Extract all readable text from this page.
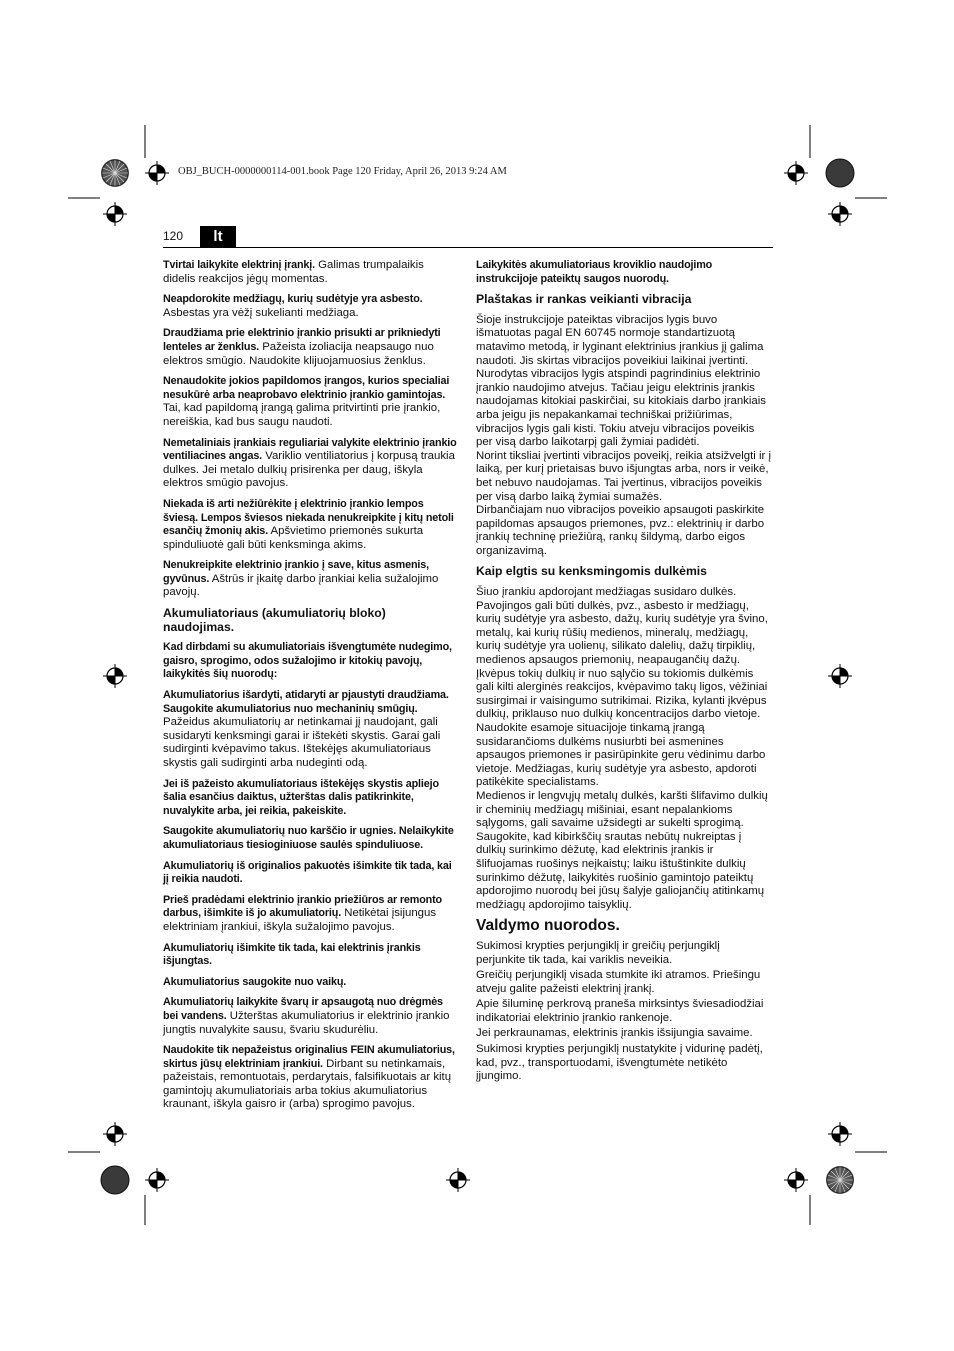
OBJ_BUCH-0000000114-001.book Page 120 Friday, April 26, 2013 9:24 AM
120	lt

Tvirtai laikykite elektrinį įrankį. Galimas trumpalaikis didelis reakcijos jėgų momentas.

Neapdorokite medžiagų, kurių sudėtyje yra asbesto. Asbestas yra vėžį sukelianti medžiaga.

Draudžiama prie elektrinio įrankio prisukti ar prikniedyti lenteles ar ženklus. Pažeista izoliacija neapsaugo nuo elektros smūgio. Naudokite klijuojamuosius ženklus.

Nenaudokite jokios papildomos įrangos, kurios specialiai nesukūrė arba neaprobavo elektrinio įrankio gamintojas. Tai, kad papildomą įrangą galima pritvirtinti prie įrankio, nereiškia, kad bus saugu naudoti.

Nemetaliniais įrankiais reguliariai valykite elektrinio įrankio ventiliacines angas. Variklio ventiliatorius į korpusą traukia dulkes. Jei metalo dulkių prisirenka per daug, iškyla elektros smūgio pavojus.

Niekada iš arti nežiūrėkite į elektrinio įrankio lempos šviesą. Lempos šviesos niekada nenukreipkite į kitų netoli esančių žmonių akis. Apšvietimo priemonės sukurta spinduliuotė gali būti kenksminga akims.

Nenukreipkite elektrinio įrankio į save, kitus asmenis, gyvūnus. Aštrūs ir įkaitę darbo įrankiai kelia sužalojimo pavojų.

Akumuliatoriaus (akumuliatorių bloko) naudojimas.

Kad dirbdami su akumuliatoriais išvengtumėte nudegimo, gaisro, sprogimo, odos sužalojimo ir kitokių pavojų, laikykitės šių nuorodų:

Akumuliatorius išardyti, atidaryti ar pjaustyti draudžiama. Saugokite akumuliatorius nuo mechaninių smūgių. Pažeidus akumuliatorių ar netinkamai jį naudojant, gali susidaryti kenksmingi garai ir ištekėti skystis. Garai gali sudirginti kvėpavimo takus. Ištekėjęs akumuliatoriaus skystis gali sudirginti arba nudeginti odą.

Jei iš pažeisto akumuliatoriaus ištekėjęs skystis apliejo šalia esančius daiktus, užterštas dalis patikrinkite, nuvalykite arba, jei reikia, pakeiskite.

Saugokite akumuliatorių nuo karščio ir ugnies. Nelaikykite akumuliatoriaus tiesioginiuose saulės spinduliuose.

Akumuliatorių iš originalios pakuotės išimkite tik tada, kai jį reikia naudoti.

Prieš pradėdami elektrinio įrankio priežiūros ar remonto darbus, išimkite iš jo akumuliatorių. Netikėtai įsijungus elektriniam įrankiui, iškyla sužalojimo pavojus.

Akumuliatorių išimkite tik tada, kai elektrinis įrankis išjungtas.

Akumuliatorius saugokite nuo vaikų.

Akumuliatorių laikykite švarų ir apsaugotą nuo drėgmės bei vandens. Užterštas akumuliatorius ir elektrinio įrankio jungtis nuvalykite sausu, švariu skudurėliu.

Naudokite tik nepažeistus originalius FEIN akumuliatorius, skirtus jūsų elektriniam įrankiui. Dirbant su netinkamais, pažeistais, remontuotais, perdarytais, falsifikuotais ar kitų gamintojų akumuliatoriais arba tokius akumuliatorius kraunant, iškyla gaisro ir (arba) sprogimo pavojus.

Laikykitės akumuliatoriaus kroviklio naudojimo instrukcijoje pateiktų saugos nuorodų.

Plaštakas ir rankas veikianti vibracija

Šioje instrukcijoje pateiktas vibracijos lygis buvo išmatuotas pagal EN 60745 normoje standartizuotą matavimo metodą, ir lyginant elektrinius įrankius jį galima naudoti. Jis skirtas vibracijos poveikiui laikinai įvertinti.

Nurodytas vibracijos lygis atspindi pagrindinius elektrinio įrankio naudojimo atvejus. Tačiau jeigu elektrinis įrankis naudojamas kitokiai paskirčiai, su kitokiais darbo įrankiais arba jeigu jis nepakankamai techniškai prižiūrimas, vibracijos lygis gali kisti. Tokiu atveju vibracijos poveikis per visą darbo laikotarpį gali žymiai padidėti.

Norint tiksliai įvertinti vibracijos poveikį, reikia atsižvelgti ir į laiką, per kurį prietaisas buvo išjungtas arba, nors ir veikė, bet nebuvo naudojamas. Tai įvertinus, vibracijos poveikis per visą darbo laiką žymiai sumažės.

Dirbančiajam nuo vibracijos poveikio apsaugoti paskirkite papildomas apsaugos priemones, pvz.: elektrinių ir darbo įrankių techninę priežiūrą, rankų šildymą, darbo eigos organizavimą.

Kaip elgtis su kenksmingomis dulkėmis

Šiuo įrankiu apdorojant medžiagas susidaro dulkės. Pavojingos gali būti dulkės, pvz., asbesto ir medžiagų, kurių sudėtyje yra asbesto, dažų, kurių sudėtyje yra švino, metalų, kai kurių rūšių medienos, mineralų, medžiagų, kurių sudėtyje yra uolienų, silikato dalelių, dažų tirpiklių, medienos apsaugos priemonių, neapaugančių dažų.

Įkvėpus tokių dulkių ir nuo sąlyčio su tokiomis dulkėmis gali kilti alerginės reakcijos, kvėpavimo takų ligos, vėžiniai susirgimai ir vaisingumo sutrikimai. Rizika, kylanti įkvėpus dulkių, priklauso nuo dulkių koncentracijos darbo vietoje. Naudokite esamoje situacijoje tinkamą įrangą susidarančioms dulkėms nusiurbti bei asmenines apsaugos priemones ir pasirūpinkite geru vėdinimu darbo vietoje. Medžiagas, kurių sudėtyje yra asbesto, apdoroti patikėkite specialistams.

Medienos ir lengvųjų metalų dulkės, karšti šlifavimo dulkių ir cheminių medžiagų mišiniai, esant nepalankioms sąlygoms, gali savaime užsidegti ar sukelti sprogimą. Saugokite, kad kibirkščių srautas nebūtų nukreiptas į dulkių surinkimo dėžutę, kad elektrinis įrankis ir šlifuojamas ruošinys neįkaistų; laiku ištuštinkite dulkių surinkimo dėžutę, laikykitės ruošinio gamintojo pateiktų apdorojimo nuorodų bei jūsų šalyje galiojančių atitinkamų medžiagų apdorojimo taisyklių.

Valdymo nuorodos.

Sukimosi krypties perjungiklį ir greičių perjungiklį perjunkite tik tada, kai variklis neveikia.

Greičių perjungiklį visada stumkite iki atramos. Priešingu atveju galite pažeisti elektrinį įrankį.

Apie šiluminę perkrovą praneša mirksintys šviesadiodžiai indikatoriai elektrinio įrankio rankenoje.

Jei perkraunamas, elektrinis įrankis išsijungia savaime.

Sukimosi krypties perjungiklį nustatykite į vidurinę padėtį, kad, pvz., transportuodami, išvengtumėte netikėto įjungimo.
